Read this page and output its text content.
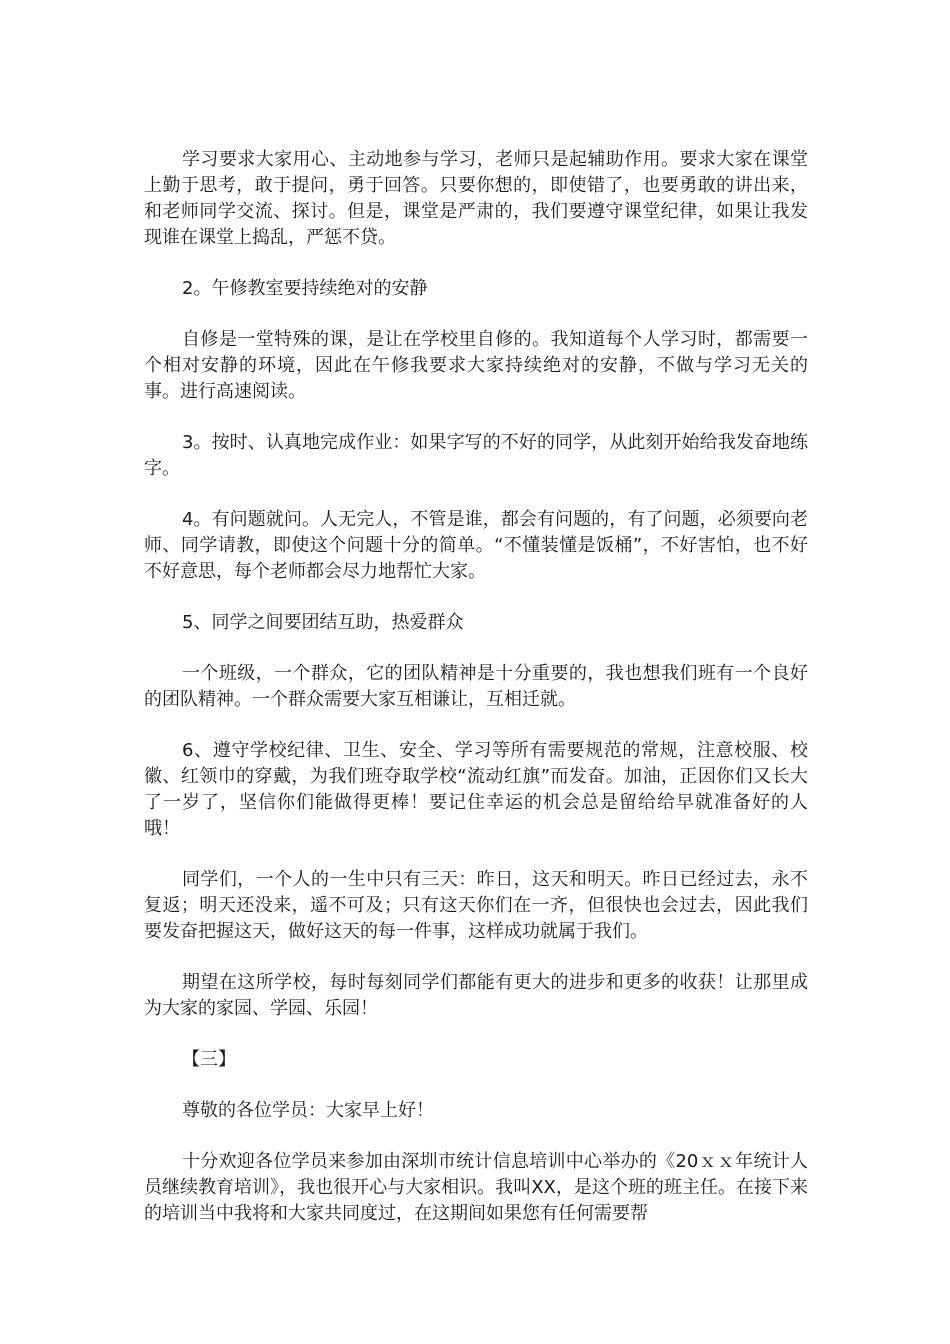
学习要求大家用心、主动地参与学习，老师只是起辅助作用。要求大家在课堂上勤于思考，敢于提问，勇于回答。只要你想的，即使错了，也要勇敢的讲出来，和老师同学交流、探讨。但是，课堂是严肃的，我们要遵守课堂纪律，如果让我发现谁在课堂上捣乱，严惩不贷。

2。午修教室要持续绝对的安静

自修是一堂特殊的课，是让在学校里自修的。我知道每个人学习时，都需要一个相对安静的环境，因此在午修我要求大家持续绝对的安静，不做与学习无关的事。进行高速阅读。

3。按时、认真地完成作业：如果字写的不好的同学，从此刻开始给我发奋地练字。

4。有问题就问。人无完人，不管是谁，都会有问题的，有了问题，必须要向老师、同学请教，即使这个问题十分的简单。“不懂装懂是饭桶”，不好害怕，也不好不好意思，每个老师都会尽力地帮忙大家。

5、同学之间要团结互助，热爱群众

一个班级，一个群众，它的团队精神是十分重要的，我也想我们班有一个良好的团队精神。一个群众需要大家互相谦让，互相迁就。

6、遵守学校纪律、卫生、安全、学习等所有需要规范的常规，注意校服、校徽、红领巾的穿戴，为我们班夺取学校“流动红旗”而发奋。加油，正因你们又长大了一岁了，坚信你们能做得更棒！要记住幸运的机会总是留给给早就准备好的人哦！

同学们，一个人的一生中只有三天：昨日，这天和明天。昨日已经过去，永不复返；明天还没来，遥不可及；只有这天你们在一齐，但很快也会过去，因此我们要发奋把握这天，做好这天的每一件事，这样成功就属于我们。

期望在这所学校，每时每刻同学们都能有更大的进步和更多的收获！让那里成为大家的家园、学园、乐园！

【三】

尊敬的各位学员：大家早上好！

十分欢迎各位学员来参加由深圳市统计信息培训中心举办的《20ｘｘ年统计人员继续教育培训》，我也很开心与大家相识。我叫XX，是这个班的班主任。在接下来的培训当中我将和大家共同度过，在这期间如果您有任何需要帮
